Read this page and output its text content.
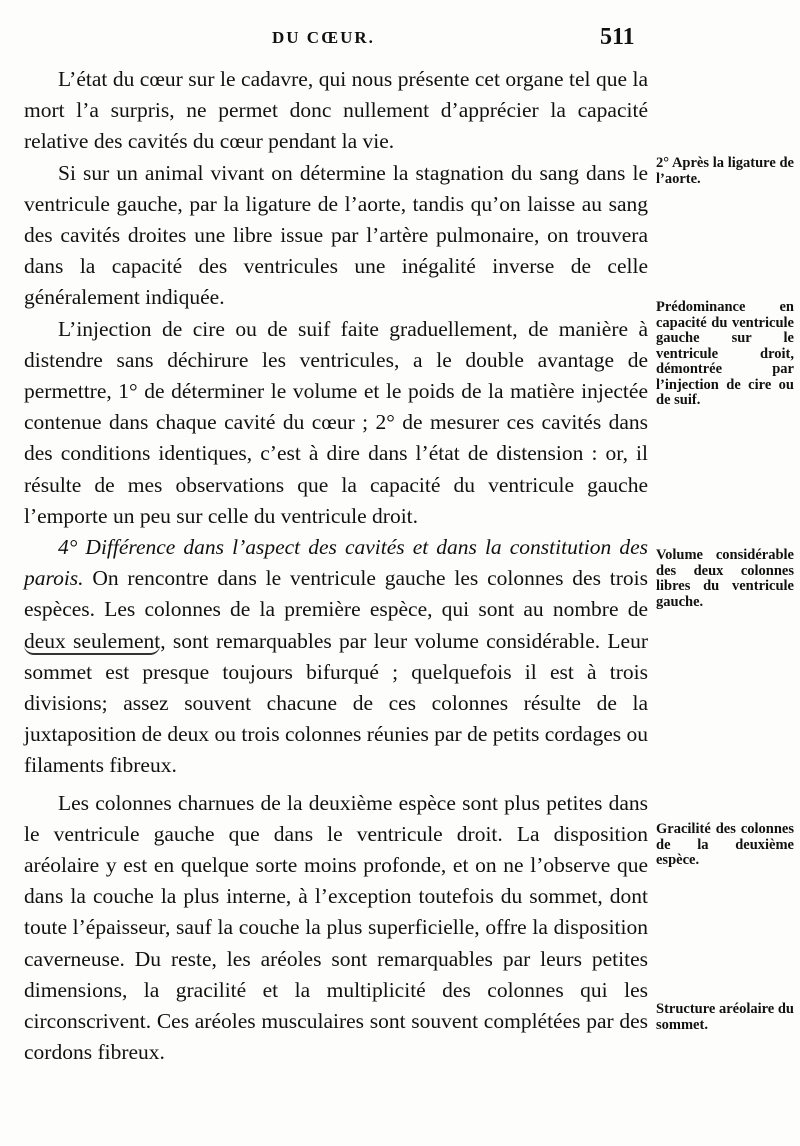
DU CŒUR.	511

L’état du cœur sur le cadavre, qui nous présente cet organe tel que la mort l’a surpris, ne permet donc nullement d’apprécier la capacité relative des cavités du cœur pendant la vie.

Si sur un animal vivant on détermine la stagnation du sang dans le ventricule gauche, par la ligature de l’aorte, tandis qu’on laisse au sang des cavités droites une libre issue par l’artère pulmonaire, on trouvera dans la capacité des ventricules une inégalité inverse de celle généralement indiquée.

L’injection de cire ou de suif faite graduellement, de manière à distendre sans déchirure les ventricules, a le double avantage de permettre, 1° de déterminer le volume et le poids de la matière injectée contenue dans chaque cavité du cœur ; 2° de mesurer ces cavités dans des conditions identiques, c’est à dire dans l’état de distension : or, il résulte de mes observations que la capacité du ventricule gauche l’emporte un peu sur celle du ventricule droit.

4° Différence dans l’aspect des cavités et dans la constitution des parois. On rencontre dans le ventricule gauche les colonnes des trois espèces. Les colonnes de la première espèce, qui sont au nombre de deux seulement, sont remarquables par leur volume considérable. Leur sommet est presque toujours bifurqué ; quelquefois il est à trois divisions; assez souvent chacune de ces colonnes résulte de la juxtaposition de deux ou trois colonnes réunies par de petits cordages ou filaments fibreux.

Les colonnes charnues de la deuxième espèce sont plus petites dans le ventricule gauche que dans le ventricule droit. La disposition aréolaire y est en quelque sorte moins profonde, et on ne l’observe que dans la couche la plus interne, à l’exception toutefois du sommet, dont toute l’épaisseur, sauf la couche la plus superficielle, offre la disposition caverneuse. Du reste, les aréoles sont remarquables par leurs petites dimensions, la gracilité et la multiplicité des colonnes qui les circonscrivent. Ces aréoles musculaires sont souvent complétées par des cordons fibreux.

2° Après la ligature de l’aorte.
Prédominance en capacité du ventricule gauche sur le ventricule droit, démontrée par l’injection de cire ou de suif.
Volume considérable des deux colonnes libres du ventricule gauche.
Gracilité des colonnes de la deuxième espèce.
Structure aréolaire du sommet.
